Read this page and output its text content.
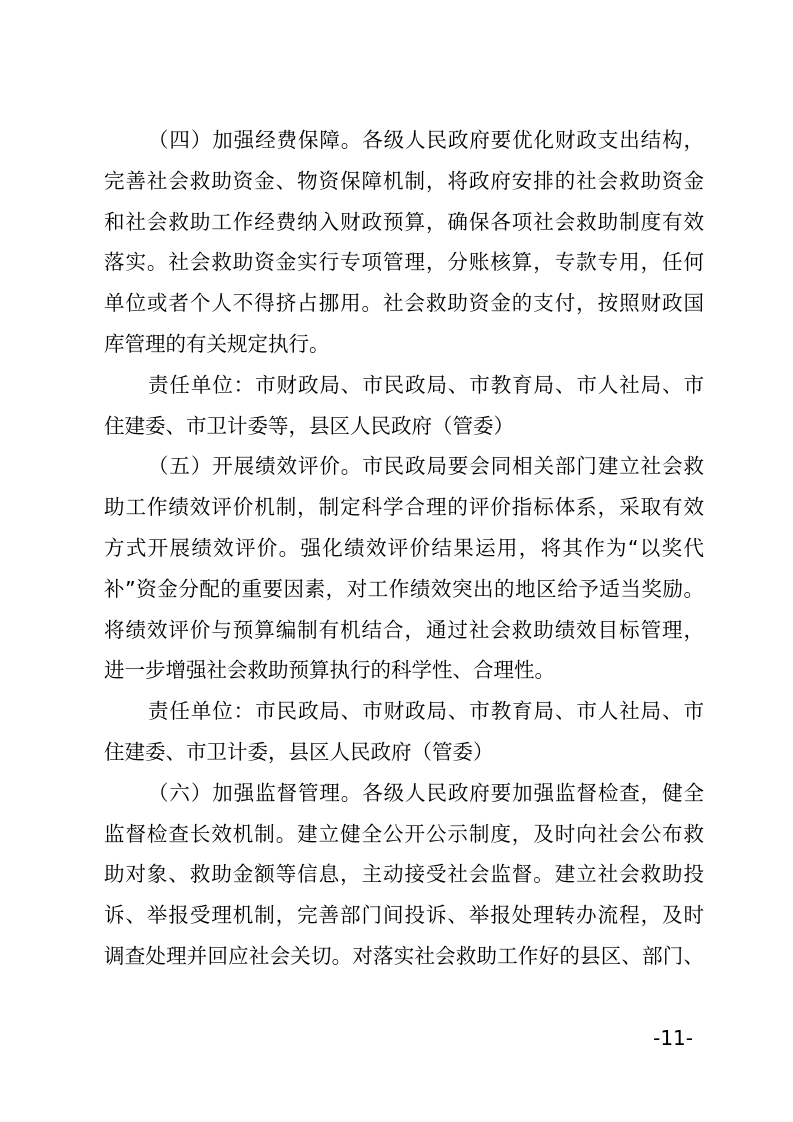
（四）加强经费保障。各级人民政府要优化财政支出结构，
完善社会救助资金、物资保障机制，将政府安排的社会救助资金
和社会救助工作经费纳入财政预算，确保各项社会救助制度有效
落实。社会救助资金实行专项管理，分账核算，专款专用，任何
单位或者个人不得挤占挪用。社会救助资金的支付，按照财政国
库管理的有关规定执行。
责任单位：市财政局、市民政局、市教育局、市人社局、市
住建委、市卫计委等，县区人民政府（管委）
（五）开展绩效评价。市民政局要会同相关部门建立社会救
助工作绩效评价机制，制定科学合理的评价指标体系，采取有效
方式开展绩效评价。强化绩效评价结果运用，将其作为“以奖代
补”资金分配的重要因素，对工作绩效突出的地区给予适当奖励。
将绩效评价与预算编制有机结合，通过社会救助绩效目标管理，
进一步增强社会救助预算执行的科学性、合理性。
责任单位：市民政局、市财政局、市教育局、市人社局、市
住建委、市卫计委，县区人民政府（管委）
（六）加强监督管理。各级人民政府要加强监督检查，健全
监督检查长效机制。建立健全公开公示制度，及时向社会公布救
助对象、救助金额等信息，主动接受社会监督。建立社会救助投
诉、举报受理机制，完善部门间投诉、举报处理转办流程，及时
调查处理并回应社会关切。对落实社会救助工作好的县区、部门、
-11-
